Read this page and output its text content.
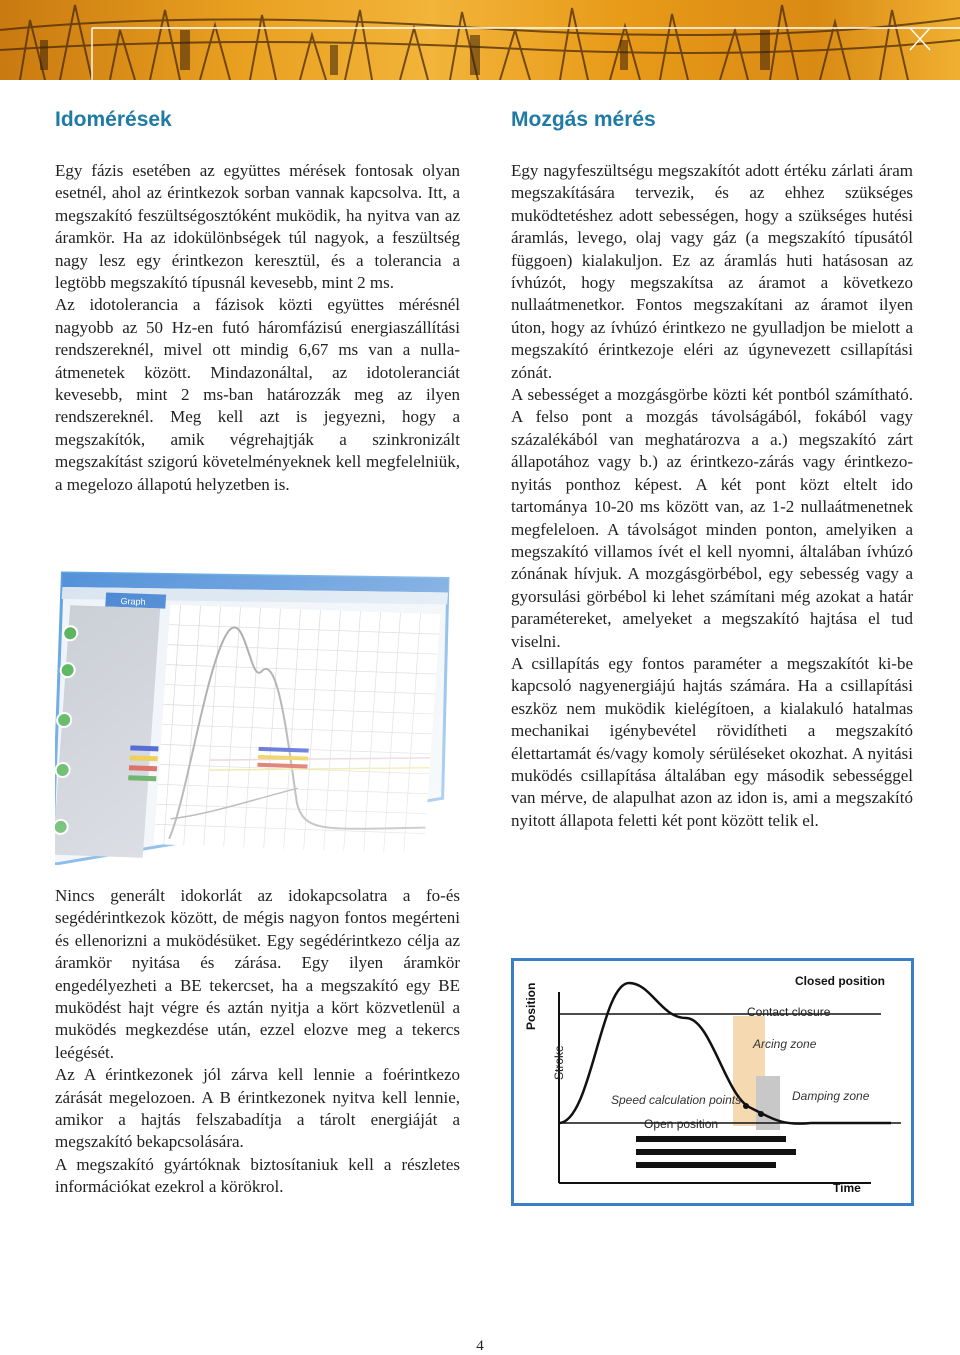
Idomérések

Egy fázis esetében az együttes mérések fontosak olyan esetnél, ahol az érintkezok sorban vannak kapcsolva. Itt, a megszakító feszültségosztóként muködik, ha nyitva van az áramkör. Ha az idokülönbségek túl nagyok, a feszültség nagy lesz egy érintkezon keresztül, és a tolerancia a legtöbb megszakító típusnál kevesebb, mint 2 ms.

Az idotolerancia a fázisok közti együttes mérésnél nagyobb az 50 Hz-en futó háromfázisú energiaszállítási rendszereknél, mivel ott mindig 6,67 ms van a nulla-átmenetek között. Mindazonáltal, az idotoleranciát kevesebb, mint 2 ms-ban határozzák meg az ilyen rendszereknél. Meg kell azt is jegyezni, hogy a megszakítók, amik végrehajtják a szinkronizált megszakítást szigorú követelményeknek kell megfelelniük, a megelozo állapotú helyzetben is.

Nincs generált idokorlát az idokapcsolatra a fo-és segédérintkezok között, de mégis nagyon fontos megérteni és ellenorizni a muködésüket. Egy segédérintkezo célja az áramkör nyitása és zárása. Egy ilyen áramkör engedélyezheti a BE tekercset, ha a megszakító egy BE muködést hajt végre és aztán nyitja a kört közvetlenül a muködés megkezdése után, ezzel elozve meg a tekercs leégését.

Az A érintkezonek jól zárva kell lennie a foérintkezo zárását megelozoen. A B érintkezonek nyitva kell lennie, amikor a hajtás felszabadítja a tárolt energiáját a megszakító bekapcsolására.

A megszakító gyártóknak biztosítaniuk kell a részletes információkat ezekrol a körökrol.

Mozgás mérés

Egy nagyfeszültségu megszakítót adott értéku zárlati áram megszakítására tervezik, és az ehhez szükséges muködtetéshez adott sebességen, hogy a szükséges hutési áramlás, levego, olaj vagy gáz (a megszakító típusától függoen) kialakuljon. Ez az áramlás huti hatásosan az ívhúzót, hogy megszakítsa az áramot a következo nullaátmenetkor. Fontos megszakítani az áramot ilyen úton, hogy az ívhúzó érintkezo ne gyulladjon be mielott a megszakító érintkezoje eléri az úgynevezett csillapítási zónát.

A sebességet a mozgásgörbe közti két pontból számítható. A felso pont a mozgás távolságából, fokából vagy százalékából van meghatározva a a.) megszakító zárt állapotához vagy b.) az érintkezo-zárás vagy érintkezo-nyitás ponthoz képest. A két pont közt eltelt ido tartománya 10-20 ms között van, az 1-2 nullaátmenetnek megfeleloen. A távolságot minden ponton, amelyiken a megszakító villamos ívét el kell nyomni, általában ívhúzó zónának hívjuk. A mozgásgörbébol, egy sebesség vagy a gyorsulási görbébol ki lehet számítani még azokat a határ paramétereket, amelyeket a megszakító hajtása el tud viselni.

A csillapítás egy fontos paraméter a megszakítót ki-be kapcsoló nagyenergiájú hajtás számára. Ha a csillapítási eszköz nem muködik kielégítoen, a kialakuló hatalmas mechanikai igénybevétel rövidítheti a megszakító élettartamát és/vagy komoly sérüléseket okozhat. A nyitási muködés csillapítása általában egy második sebességgel van mérve, de alapulhat azon az idon is, ami a megszakító nyitott állapota feletti két pont között telik el.

Position
Stroke
Closed position
Contact closure
Arcing zone
Speed calculation points	Damping zone
Open position
Time
4
